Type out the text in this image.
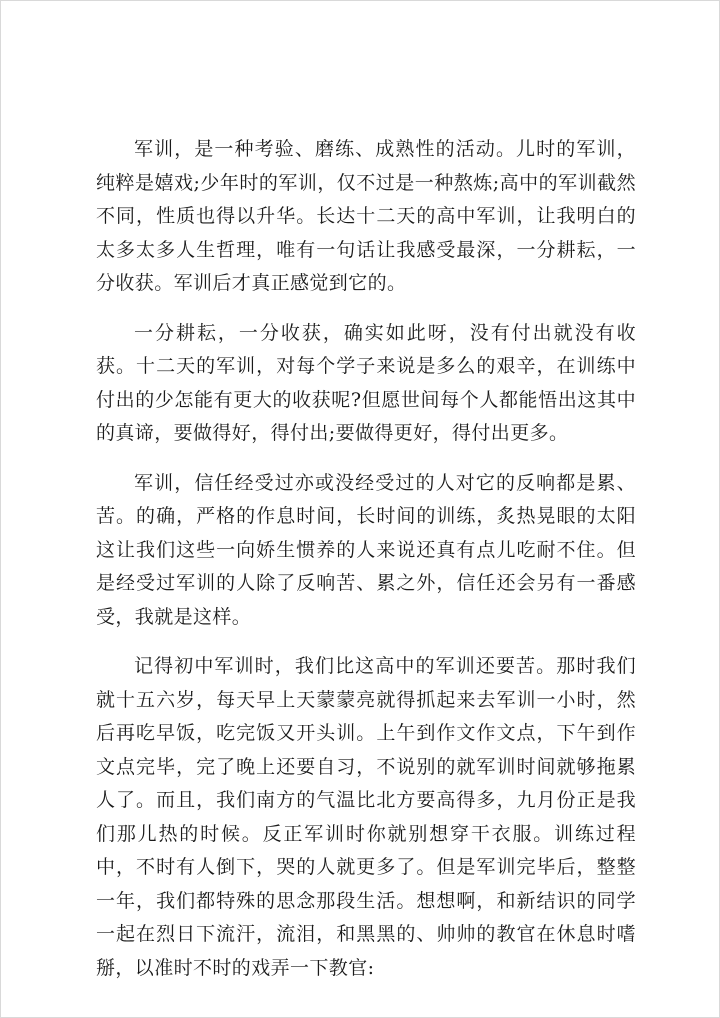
军训，是一种考验、磨练、成熟性的活动。儿时的军训，纯粹是嬉戏;少年时的军训，仅不过是一种熬炼;高中的军训截然不同，性质也得以升华。长达十二天的高中军训，让我明白的太多太多人生哲理，唯有一句话让我感受最深，一分耕耘，一分收获。军训后才真正感觉到它的。

一分耕耘，一分收获，确实如此呀，没有付出就没有收获。十二天的军训，对每个学子来说是多么的艰辛，在训练中付出的少怎能有更大的收获呢?但愿世间每个人都能悟出这其中的真谛，要做得好，得付出;要做得更好，得付出更多。

军训，信任经受过亦或没经受过的人对它的反响都是累、苦。的确，严格的作息时间，长时间的训练，炙热晃眼的太阳这让我们这些一向娇生惯养的人来说还真有点儿吃耐不住。但是经受过军训的人除了反响苦、累之外，信任还会另有一番感受，我就是这样。

记得初中军训时，我们比这高中的军训还要苦。那时我们就十五六岁，每天早上天蒙蒙亮就得抓起来去军训一小时，然后再吃早饭，吃完饭又开头训。上午到作文作文点，下午到作文点完毕，完了晚上还要自习，不说别的就军训时间就够拖累人了。而且，我们南方的气温比北方要高得多，九月份正是我们那儿热的时候。反正军训时你就别想穿干衣服。训练过程中，不时有人倒下，哭的人就更多了。但是军训完毕后，整整一年，我们都特殊的思念那段生活。想想啊，和新结识的同学一起在烈日下流汗，流泪，和黑黑的、帅帅的教官在休息时嗜掰，以准时不时的戏弄一下教官:
